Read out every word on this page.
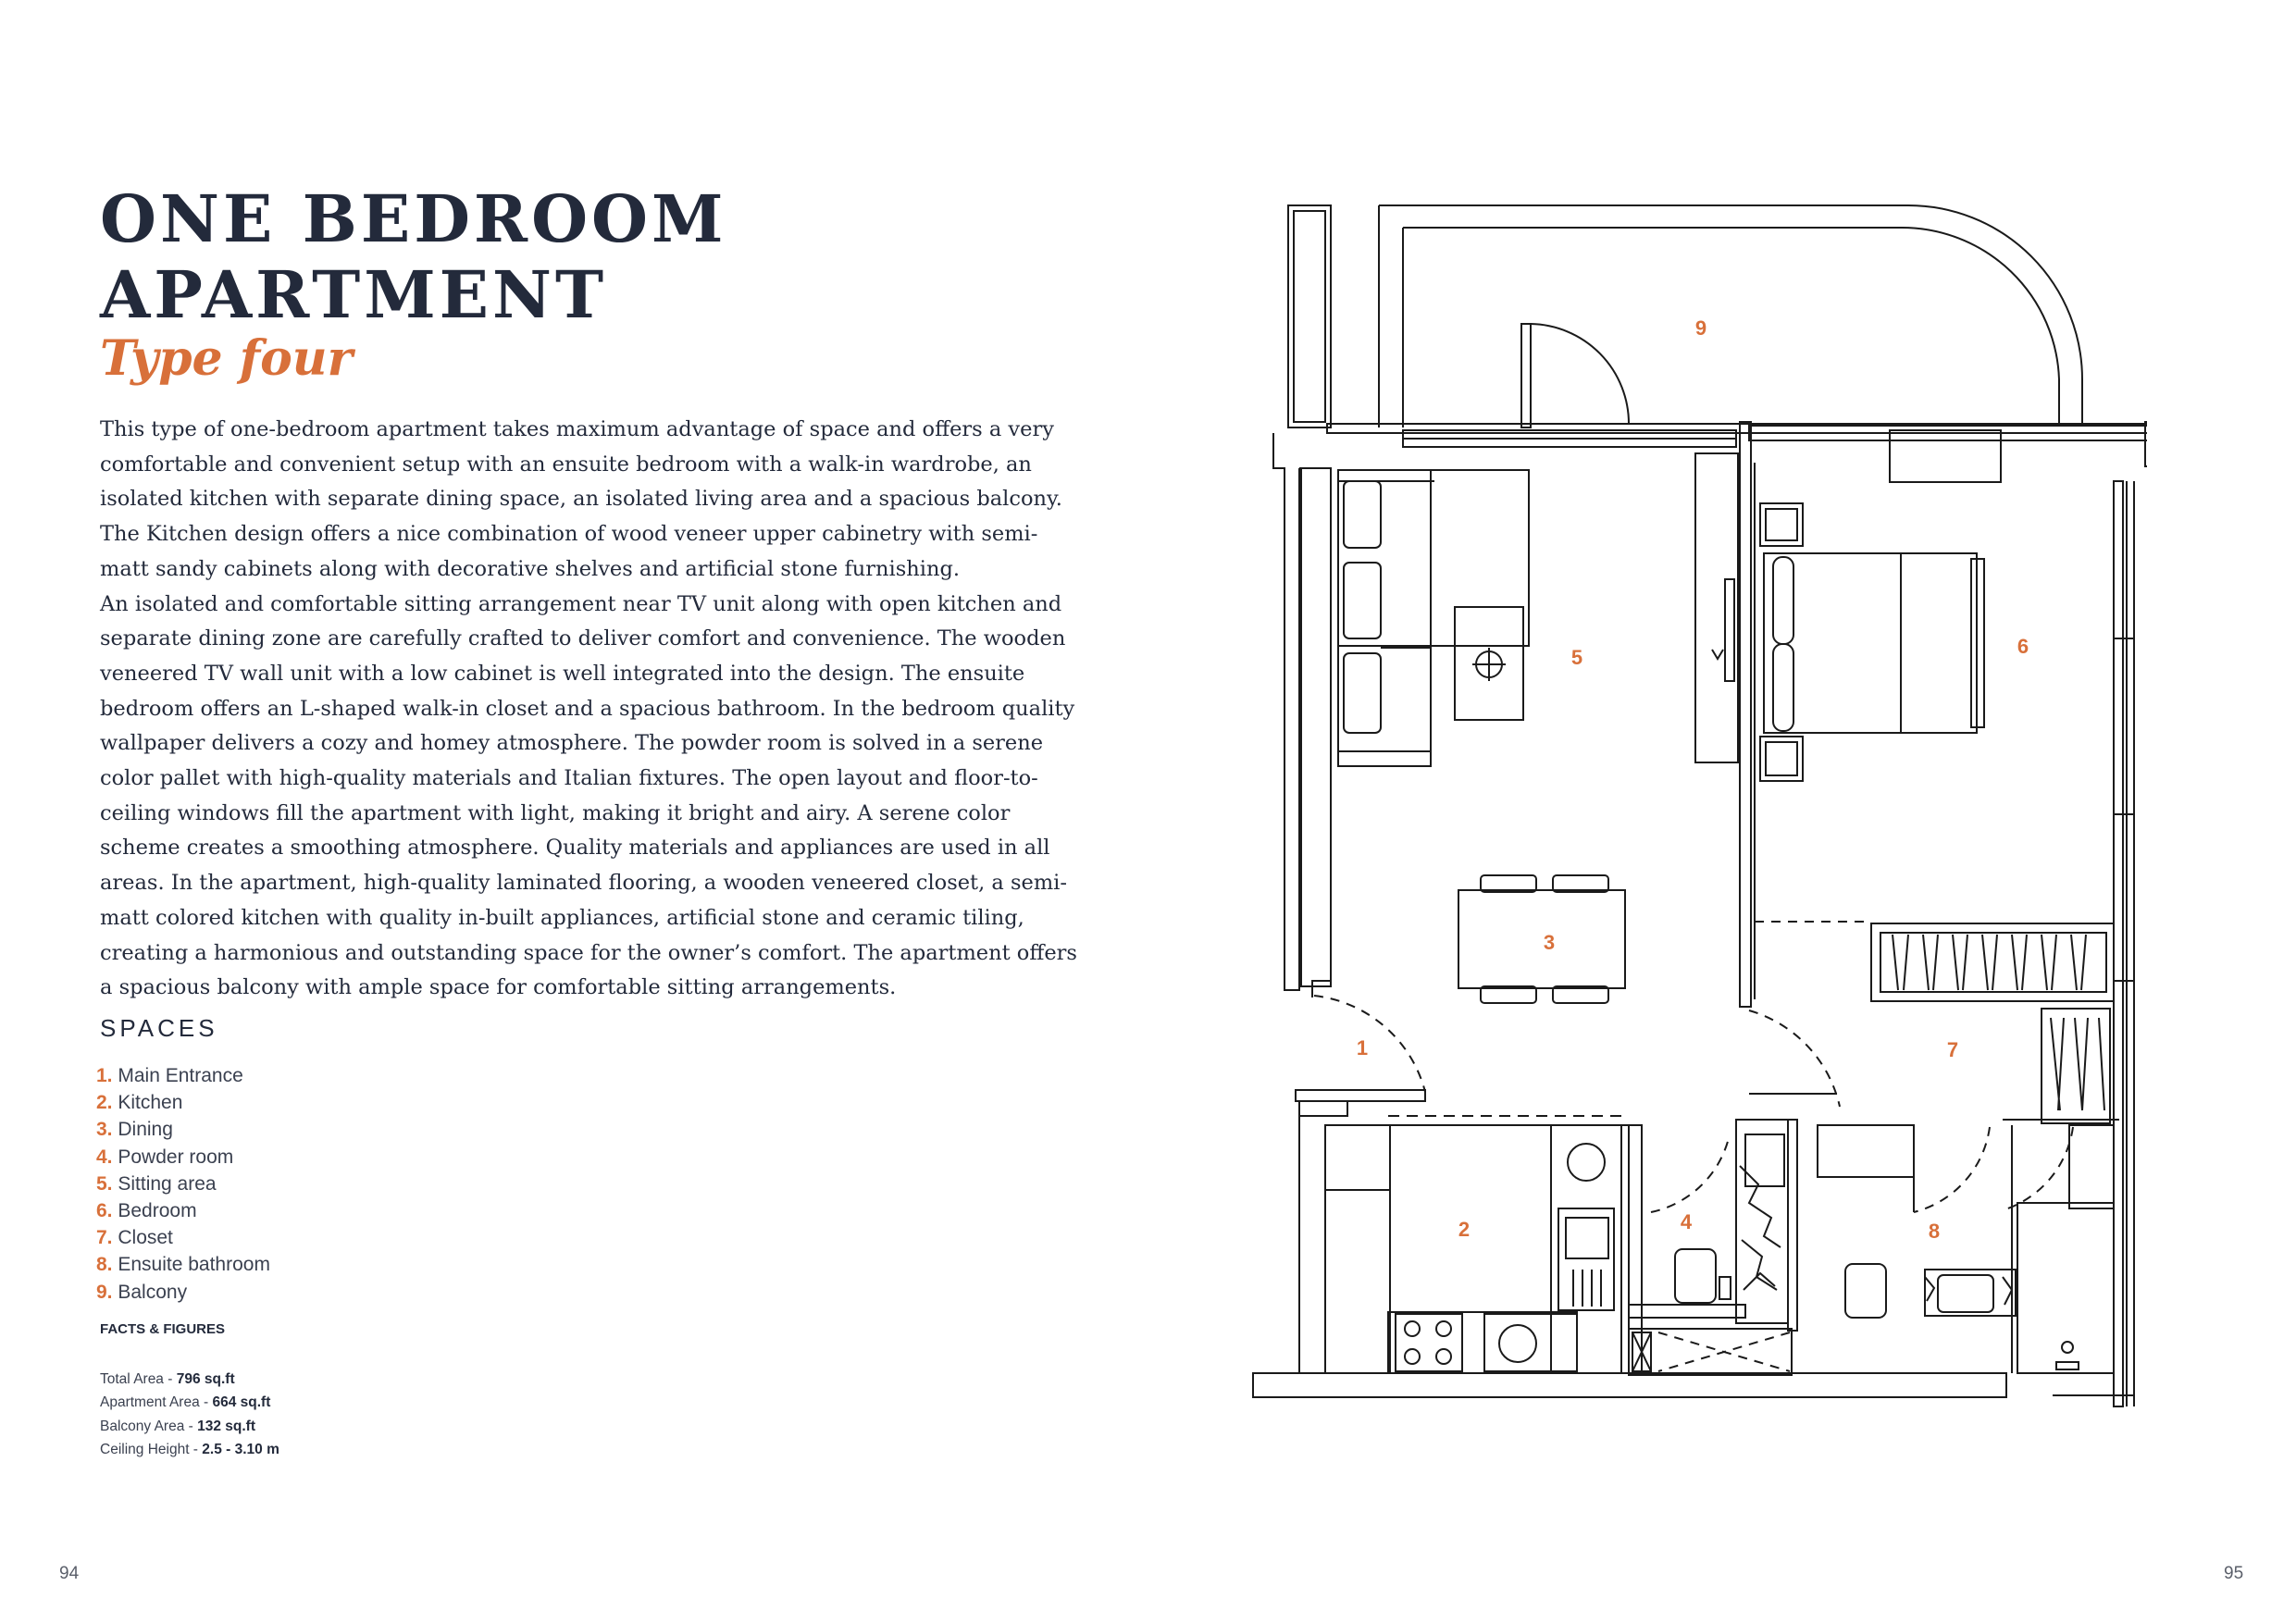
ONE BEDROOM
APARTMENT
Type four

This type of one-bedroom apartment takes maximum advantage of space and offers a very comfortable and convenient setup with an ensuite bedroom with a walk-in wardrobe, an isolated kitchen with separate dining space, an isolated living area and a spacious balcony. The Kitchen design offers a nice combination of wood veneer upper cabinetry with semi-matt sandy cabinets along with decorative shelves and artificial stone furnishing.

An isolated and comfortable sitting arrangement near TV unit along with open kitchen and separate dining zone are carefully crafted to deliver comfort and convenience. The wooden veneered TV wall unit with a low cabinet is well integrated into the design. The ensuite bedroom offers an L-shaped walk-in closet and a spacious bathroom. In the bedroom quality wallpaper delivers a cozy and homey atmosphere. The powder room is solved in a serene color pallet with high-quality materials and Italian fixtures. The open layout and floor-to-ceiling windows fill the apartment with light, making it bright and airy. A serene color scheme creates a smoothing atmosphere. Quality materials and appliances are used in all areas. In the apartment, high-quality laminated flooring, a wooden veneered closet, a semi-matt colored kitchen with quality in-built appliances, artificial stone and ceramic tiling, creating a harmonious and outstanding space for the owner’s comfort. The apartment offers a spacious balcony with ample space for comfortable sitting arrangements.

SPACES
1. Main Entrance
2. Kitchen
3. Dining
4. Powder room
5. Sitting area
6. Bedroom
7. Closet
8. Ensuite bathroom
9. Balcony
FACTS & FIGURES
Total Area - 796 sq.ft
Apartment Area - 664 sq.ft
Balcony Area - 132 sq.ft
Ceiling Height - 2.5 - 3.10 m
9
5	6
3
1	7
2	4	8
94	95
